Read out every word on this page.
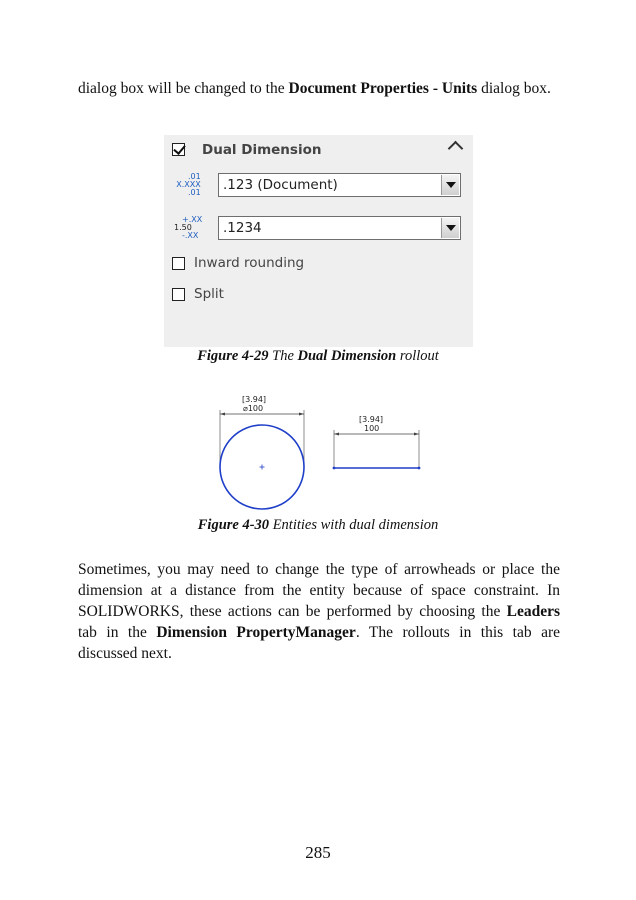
dialog box will be changed to the Document Properties - Units dialog box.

Dual Dimension
.01
X.XXX
.01 .123 (Document)
+.XX
1.50
-.XX .1234
Inward rounding
Split

Figure 4-29 The Dual Dimension rollout

[3.94]
⌀100
[3.94]
100

Figure 4-30 Entities with dual dimension

Sometimes, you may need to change the type of arrowheads or place the dimension at a distance from the entity because of space constraint. In SOLIDWORKS, these actions can be performed by choosing the Leaders tab in the Dimension PropertyManager. The rollouts in this tab are discussed next.

285
